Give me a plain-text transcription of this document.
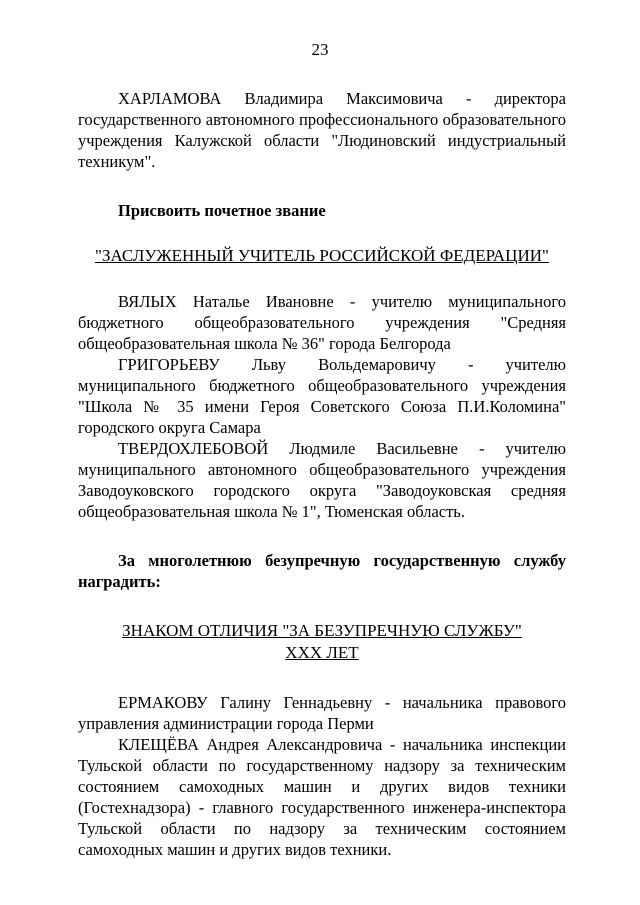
23

ХАРЛАМОВА Владимира Максимовича - директора государственного автономного профессионального образовательного учреждения Калужской области "Людиновский индустриальный техникум".

Присвоить почетное звание

"ЗАСЛУЖЕННЫЙ УЧИТЕЛЬ РОССИЙСКОЙ ФЕДЕРАЦИИ"

ВЯЛЫХ Наталье Ивановне - учителю муниципального бюджетного общеобразовательного учреждения "Средняя общеобразовательная школа № 36" города Белгорода

ГРИГОРЬЕВУ Льву Вольдемаровичу - учителю муниципального бюджетного общеобразовательного учреждения "Школа № 35 имени Героя Советского Союза П.И.Коломина" городского округа Самара

ТВЕРДОХЛЕБОВОЙ Людмиле Васильевне - учителю муниципального автономного общеобразовательного учреждения Заводоуковского городского округа "Заводоуковская средняя общеобразовательная школа № 1", Тюменская область.

За многолетнюю безупречную государственную службу наградить:

ЗНАКОМ ОТЛИЧИЯ "ЗА БЕЗУПРЕЧНУЮ СЛУЖБУ"

XXX ЛЕТ

ЕРМАКОВУ Галину Геннадьевну - начальника правового управления администрации города Перми

КЛЕЩЁВА Андрея Александровича - начальника инспекции Тульской области по государственному надзору за техническим состоянием самоходных машин и других видов техники (Гостехнадзора) - главного государственного инженера-инспектора Тульской области по надзору за техническим состоянием самоходных машин и других видов техники.
